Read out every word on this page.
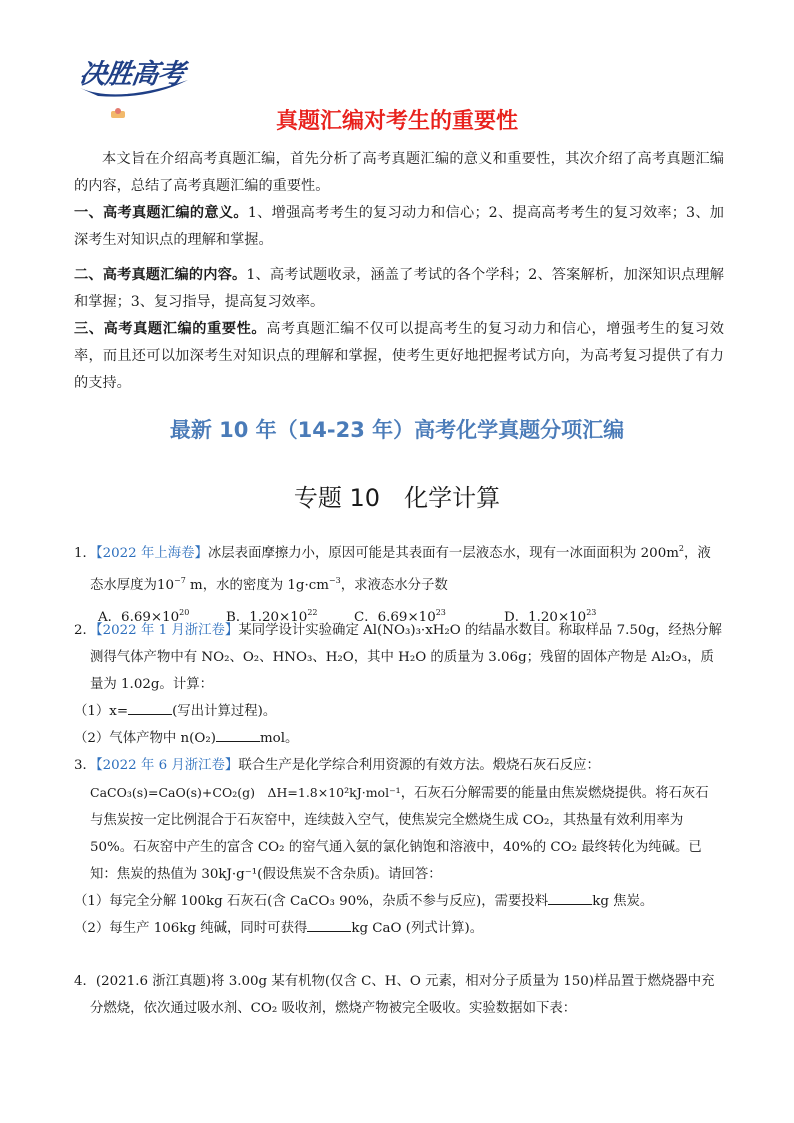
决胜高考
真题汇编对考生的重要性
本文旨在介绍高考真题汇编，首先分析了高考真题汇编的意义和重要性，其次介绍了高考真题汇编的内容，总结了高考真题汇编的重要性。
一、高考真题汇编的意义。1、增强高考考生的复习动力和信心；2、提高高考考生的复习效率；3、加深考生对知识点的理解和掌握。
二、高考真题汇编的内容。1、高考试题收录，涵盖了考试的各个学科；2、答案解析，加深知识点理解和掌握；3、复习指导，提高复习效率。
三、高考真题汇编的重要性。高考真题汇编不仅可以提高考生的复习动力和信心，增强考生的复习效率，而且还可以加深考生对知识点的理解和掌握，使考生更好地把握考试方向，为高考复习提供了有力的支持。
最新 10 年（14-23 年）高考化学真题分项汇编
专题 10　化学计算
1．【2022 年上海卷】冰层表面摩擦力小，原因可能是其表面有一层液态水，现有一冰面面积为 $200m^2$，液
态水厚度为$10^{-7}$ m，水的密度为 $1g\cdot cm^{-3}$，求液态水分子数
A．$6.69\times 10^{20}$	B．$1.20\times 10^{22}$	C．$6.69\times 10^{23}$	D．$1.20\times 10^{23}$
2．【2022 年 1 月浙江卷】某同学设计实验确定 Al(NO₃)₃·xH₂O 的结晶水数目。称取样品 7.50g，经热分解
测得气体产物中有 NO₂、O₂、HNO₃、H₂O，其中 H₂O 的质量为 3.06g；残留的固体产物是 Al₂O₃，质
量为 1.02g。计算：
（1）x=	(写出计算过程)。
（2）气体产物中 n(O₂)	mol。
3．【2022 年 6 月浙江卷】联合生产是化学综合利用资源的有效方法。煅烧石灰石反应：
CaCO₃(s)=CaO(s)+CO₂(g)　ΔH=1.8×10²kJ·mol⁻¹，石灰石分解需要的能量由焦炭燃烧提供。将石灰石
与焦炭按一定比例混合于石灰窑中，连续鼓入空气，使焦炭完全燃烧生成 CO₂，其热量有效利用率为
50%。石灰窑中产生的富含 CO₂ 的窑气通入氨的氯化钠饱和溶液中，40%的 CO₂ 最终转化为纯碱。已
知：焦炭的热值为 30kJ·g⁻¹(假设焦炭不含杂质)。请回答：
（1）每完全分解 100kg 石灰石(含 CaCO₃ 90%，杂质不参与反应)，需要投料	kg 焦炭。
（2）每生产 106kg 纯碱，同时可获得	kg CaO (列式计算)。
4．(2021.6 浙江真题)将 3.00g 某有机物(仅含 C、H、O 元素，相对分子质量为 150)样品置于燃烧器中充
分燃烧，依次通过吸水剂、CO₂ 吸收剂，燃烧产物被完全吸收。实验数据如下表：
